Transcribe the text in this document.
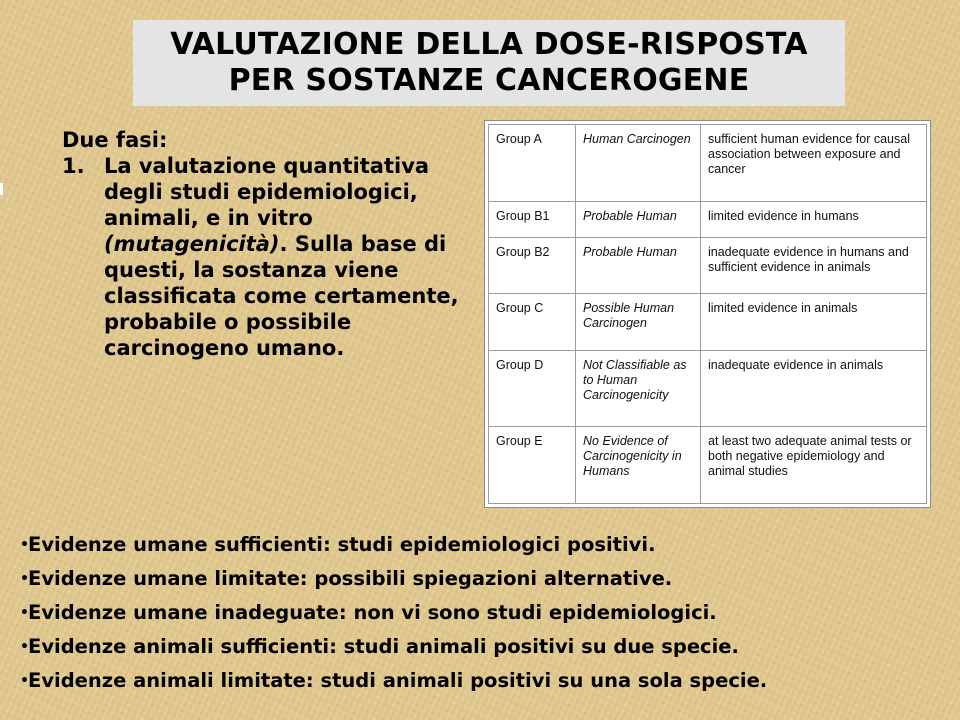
VALUTAZIONE DELLA DOSE-RISPOSTA
PER SOSTANZE CANCEROGENE
Due fasi:
1. La valutazione quantitativa degli studi epidemiologici, animali, e in vitro (mutagenicità). Sulla base di questi, la sostanza viene classificata come certamente, probabile o possibile carcinogeno umano.
Group A	Human Carcinogen	sufficient human evidence for causal association between exposure and cancer
Group B1	Probable Human	limited evidence in humans
Group B2	Probable Human	inadequate evidence in humans and sufficient evidence in animals
Group C	Possible Human Carcinogen	limited evidence in animals
Group D	Not Classifiable as to Human Carcinogenicity	inadequate evidence in animals
Group E	No Evidence of Carcinogenicity in Humans	at least two adequate animal tests or both negative epidemiology and animal studies
•Evidenze umane sufficienti: studi epidemiologici positivi.
•Evidenze umane limitate: possibili spiegazioni alternative.
•Evidenze umane inadeguate: non vi sono studi epidemiologici.
•Evidenze animali sufficienti: studi animali positivi su due specie.
•Evidenze animali limitate: studi animali positivi su una sola specie.
